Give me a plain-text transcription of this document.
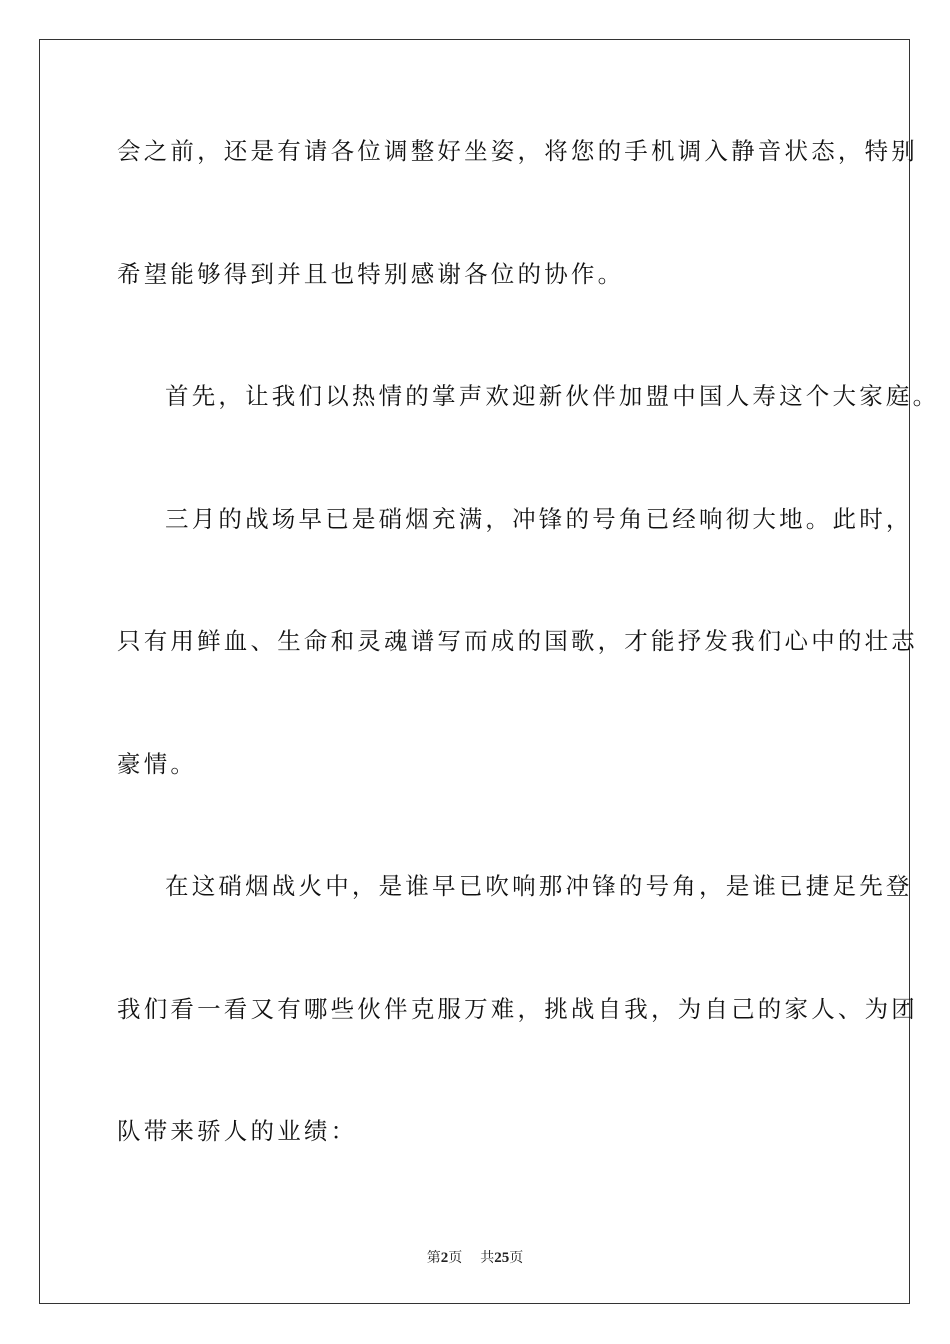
会之前，还是有请各位调整好坐姿，将您的手机调入静音状态，特别
希望能够得到并且也特别感谢各位的协作。
首先，让我们以热情的掌声欢迎新伙伴加盟中国人寿这个大家庭。
三月的战场早已是硝烟充满，冲锋的号角已经响彻大地。此时，
只有用鲜血、生命和灵魂谱写而成的国歌，才能抒发我们心中的壮志
豪情。
在这硝烟战火中，是谁早已吹响那冲锋的号角，是谁已捷足先登
我们看一看又有哪些伙伴克服万难，挑战自我，为自己的家人、为团
队带来骄人的业绩：
第2页 共25页
